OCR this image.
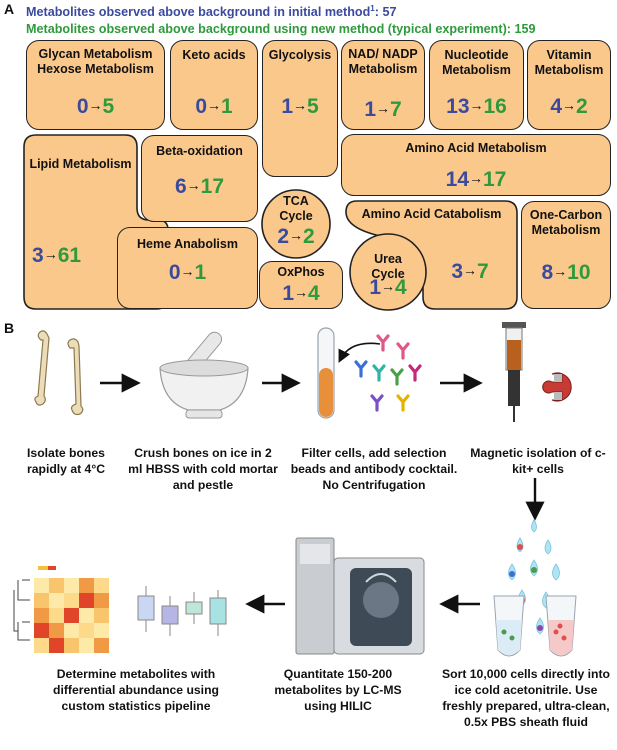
A Metabolites observed above background in initial method$^1$: 57
Metabolites observed above background using new method (typical experiment): 159
Glycan Metabolism Hexose Metabolism
0→5
Keto acids
0→1
Glycolysis
1→5
NAD/ NADP Metabolism
1→7
Nucleotide Metabolism
13→16
Vitamin Metabolism
4→2
Lipid Metabolism
3→61
Beta-oxidation
6→17
Amino Acid Metabolism
14→17
TCA Cycle
2→2
Amino Acid Catabolism
3→7
One-Carbon Metabolism
8→10
Heme Anabolism
0→1
Urea Cycle
1→4
OxPhos
1→4
B
Isolate bones rapidly at 4°C
Crush bones on ice in 2 ml HBSS with cold mortar and pestle
Filter cells, add selection beads and antibody cocktail. No Centrifugation
Magnetic isolation of c-kit+ cells
Sort 10,000 cells directly into ice cold acetonitrile. Use freshly prepared, ultra-clean, 0.5x PBS sheath fluid
Quantitate 150-200 metabolites by LC-MS using HILIC
Determine metabolites with differential abundance using custom statistics pipeline
